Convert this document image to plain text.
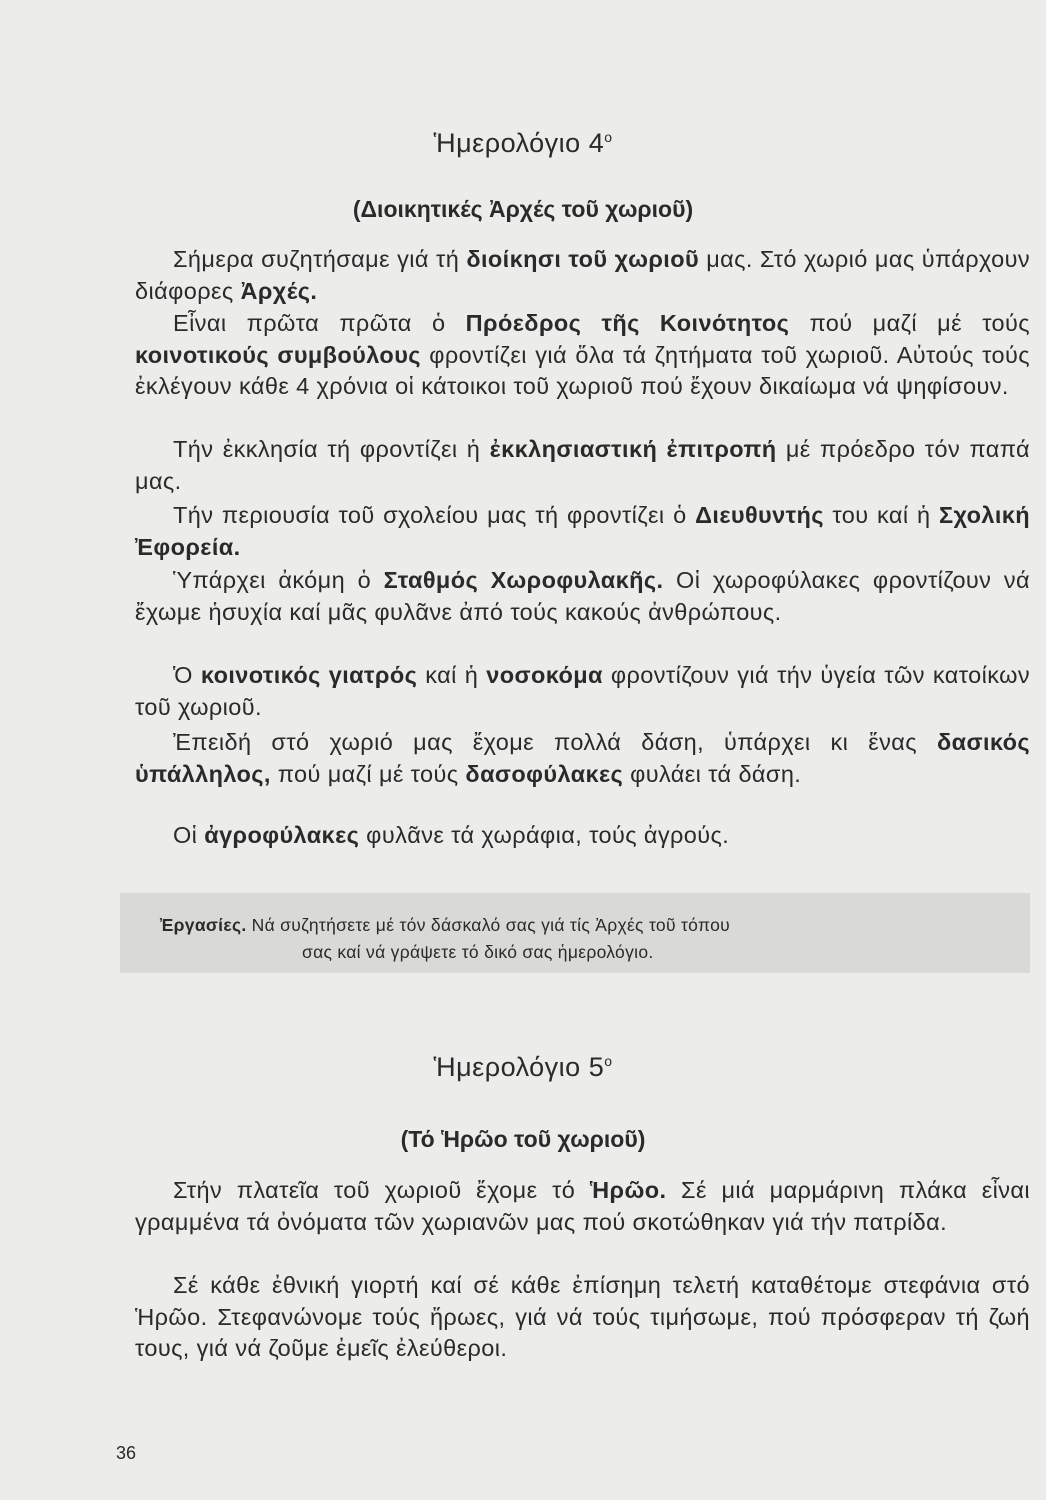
Ἡμερολόγιο $4^o$
(Διοικητικές Ἀρχές τοῦ χωριοῦ)

Σήμερα συζητήσαμε γιά τή διοίκησι τοῦ χωριοῦ μας. Στό χωριό μας ὑπάρχουν διάφορες Ἀρχές.

Εἶναι πρῶτα πρῶτα ὁ Πρόεδρος τῆς Κοινότητος πού μαζί μέ τούς κοινοτικούς συμβούλους φροντίζει γιά ὅλα τά ζητήματα τοῦ χωριοῦ. Αὐτούς τούς ἐκλέγουν κάθε 4 χρόνια οἱ κάτοικοι τοῦ χωριοῦ πού ἔχουν δικαίωμα νά ψηφίσουν.

Τήν ἐκκλησία τή φροντίζει ἡ ἐκκλησιαστική ἐπιτροπή μέ πρόεδρο τόν παπά μας.

Τήν περιουσία τοῦ σχολείου μας τή φροντίζει ὁ Διευθυντής του καί ἡ Σχολική Ἐφορεία.

Ὑπάρχει ἀκόμη ὁ Σταθμός Χωροφυλακῆς. Οἱ χωροφύλακες φροντίζουν νά ἔχωμε ἡσυχία καί μᾶς φυλᾶνε ἀπό τούς κακούς ἀνθρώπους.

Ὁ κοινοτικός γιατρός καί ἡ νοσοκόμα φροντίζουν γιά τήν ὑγεία τῶν κατοίκων τοῦ χωριοῦ.

Ἐπειδή στό χωριό μας ἔχομε πολλά δάση, ὑπάρχει κι ἕνας δασικός ὑπάλληλος, πού μαζί μέ τούς δασοφύλακες φυλάει τά δάση.

Οἱ ἀγροφύλακες φυλᾶνε τά χωράφια, τούς ἀγρούς.

Ἐργασίες. Νά συζητήσετε μέ τόν δάσκαλό σας γιά τίς Ἀρχές τοῦ τόπου
σας καί νά γράψετε τό δικό σας ἡμερολόγιο.

Ἡμερολόγιο $5^o$
(Τό Ἡρῶο τοῦ χωριοῦ)

Στήν πλατεῖα τοῦ χωριοῦ ἔχομε τό Ἡρῶο. Σέ μιά μαρμάρινη πλάκα εἶναι γραμμένα τά ὀνόματα τῶν χωριανῶν μας πού σκοτώθηκαν γιά τήν πατρίδα.

Σέ κάθε ἐθνική γιορτή καί σέ κάθε ἐπίσημη τελετή καταθέτομε στεφάνια στό Ἡρῶο. Στεφανώνομε τούς ἥρωες, γιά νά τούς τιμήσωμε, πού πρόσφεραν τή ζωή τους, γιά νά ζοῦμε ἐμεῖς ἐλεύθεροι.

36
